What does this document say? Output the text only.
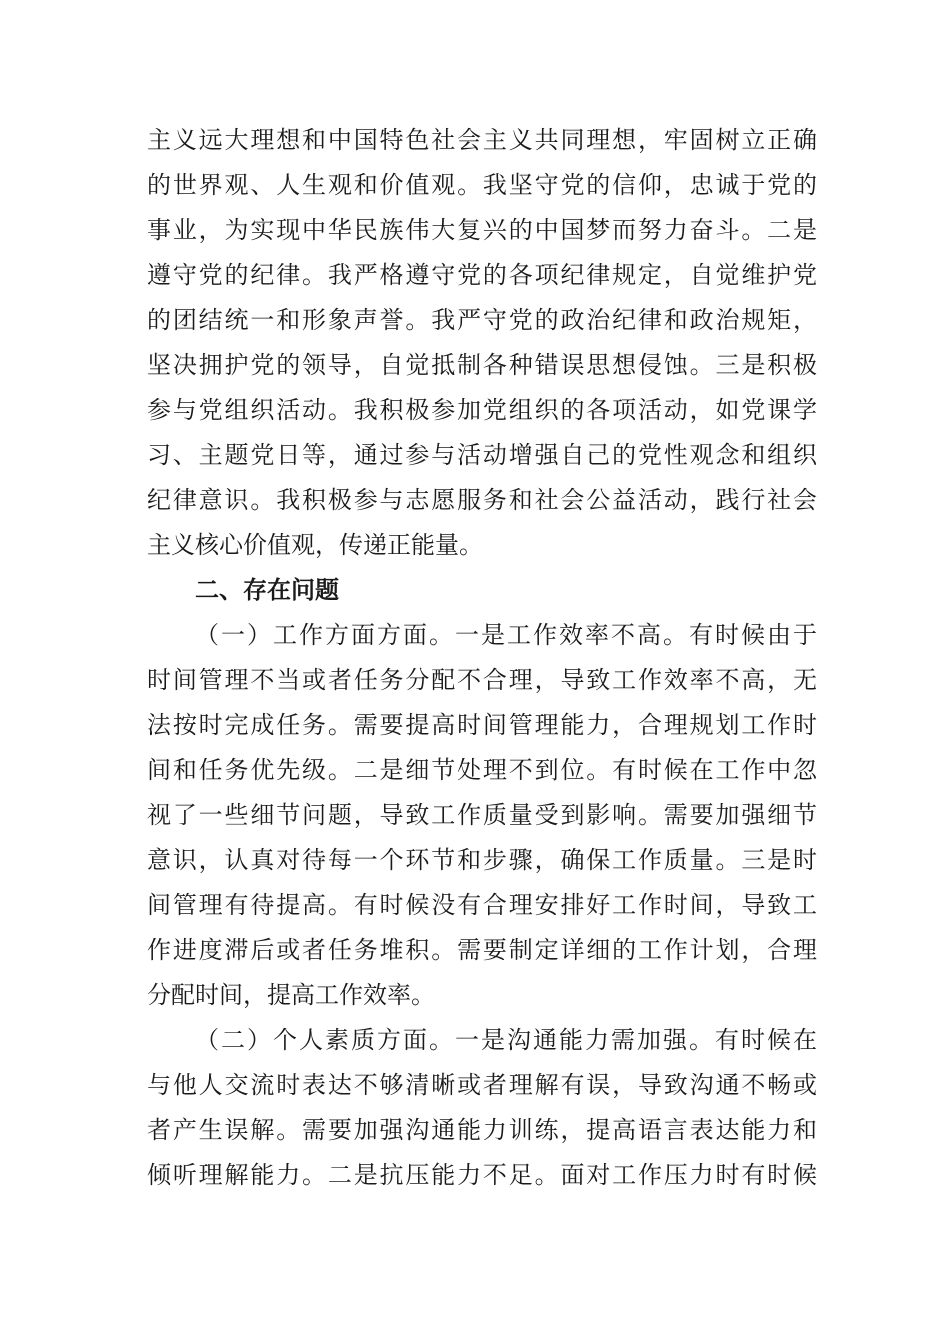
主义远大理想和中国特色社会主义共同理想，牢固树立正确
的世界观、人生观和价值观。我坚守党的信仰，忠诚于党的
事业，为实现中华民族伟大复兴的中国梦而努力奋斗。二是
遵守党的纪律。我严格遵守党的各项纪律规定，自觉维护党
的团结统一和形象声誉。我严守党的政治纪律和政治规矩，
坚决拥护党的领导，自觉抵制各种错误思想侵蚀。三是积极
参与党组织活动。我积极参加党组织的各项活动，如党课学
习、主题党日等，通过参与活动增强自己的党性观念和组织
纪律意识。我积极参与志愿服务和社会公益活动，践行社会
主义核心价值观，传递正能量。
二、存在问题
（一）工作方面方面。一是工作效率不高。有时候由于
时间管理不当或者任务分配不合理，导致工作效率不高，无
法按时完成任务。需要提高时间管理能力，合理规划工作时
间和任务优先级。二是细节处理不到位。有时候在工作中忽
视了一些细节问题，导致工作质量受到影响。需要加强细节
意识，认真对待每一个环节和步骤，确保工作质量。三是时
间管理有待提高。有时候没有合理安排好工作时间，导致工
作进度滞后或者任务堆积。需要制定详细的工作计划，合理
分配时间，提高工作效率。
（二）个人素质方面。一是沟通能力需加强。有时候在
与他人交流时表达不够清晰或者理解有误，导致沟通不畅或
者产生误解。需要加强沟通能力训练，提高语言表达能力和
倾听理解能力。二是抗压能力不足。面对工作压力时有时候
